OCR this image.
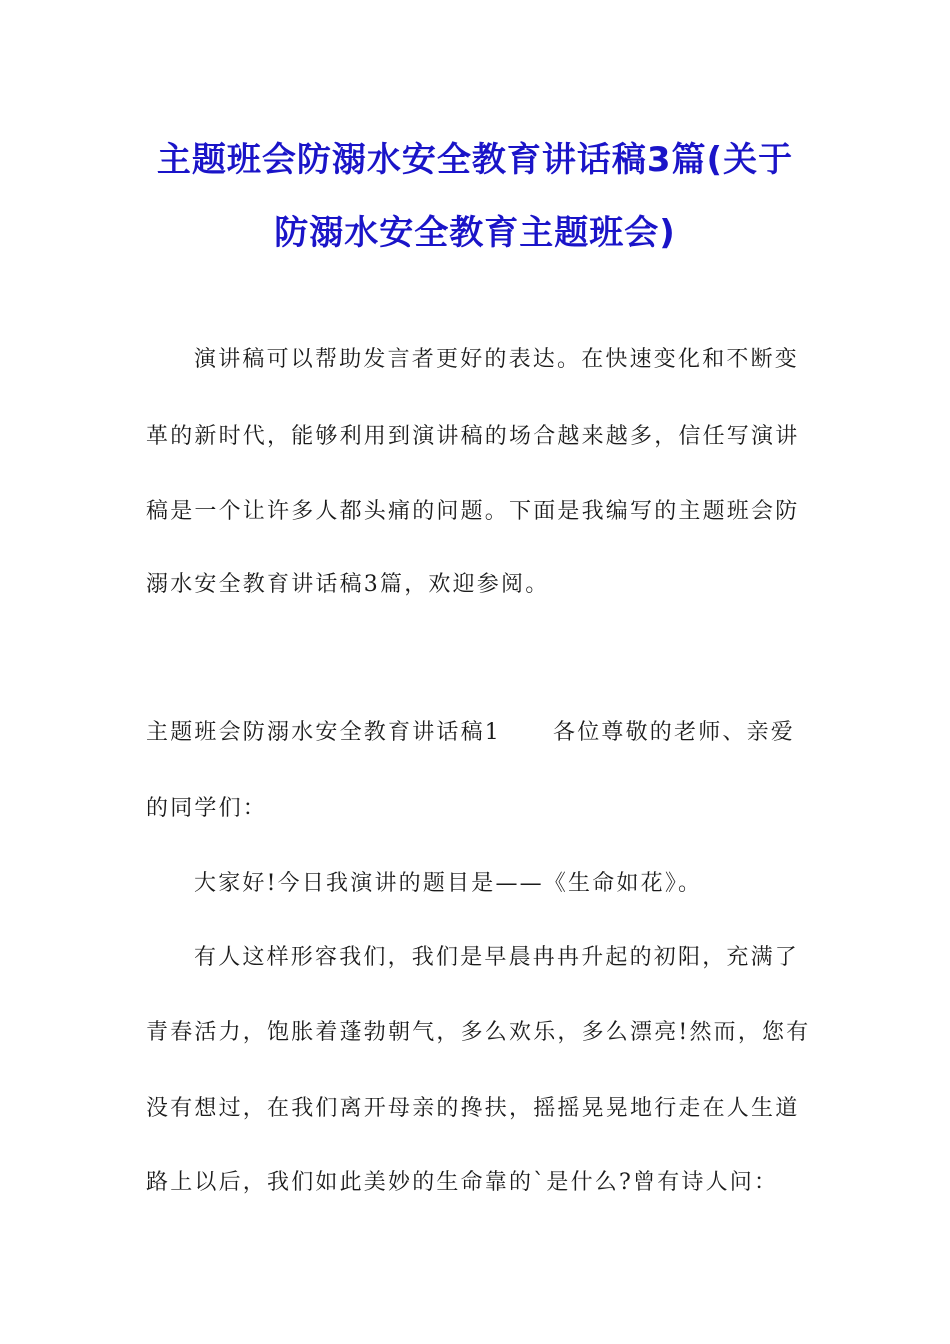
主题班会防溺水安全教育讲话稿3篇(关于
防溺水安全教育主题班会)
演讲稿可以帮助发言者更好的表达。在快速变化和不断变
革的新时代，能够利用到演讲稿的场合越来越多，信任写演讲
稿是一个让许多人都头痛的问题。下面是我编写的主题班会防
溺水安全教育讲话稿3篇，欢迎参阅。
主题班会防溺水安全教育讲话稿1 各位尊敬的老师、亲爱
的同学们：
大家好!今日我演讲的题目是——《生命如花》。
有人这样形容我们，我们是早晨冉冉升起的初阳，充满了
青春活力，饱胀着蓬勃朝气，多么欢乐，多么漂亮!然而，您有
没有想过，在我们离开母亲的搀扶，摇摇晃晃地行走在人生道
路上以后，我们如此美妙的生命靠的`是什么?曾有诗人问：
